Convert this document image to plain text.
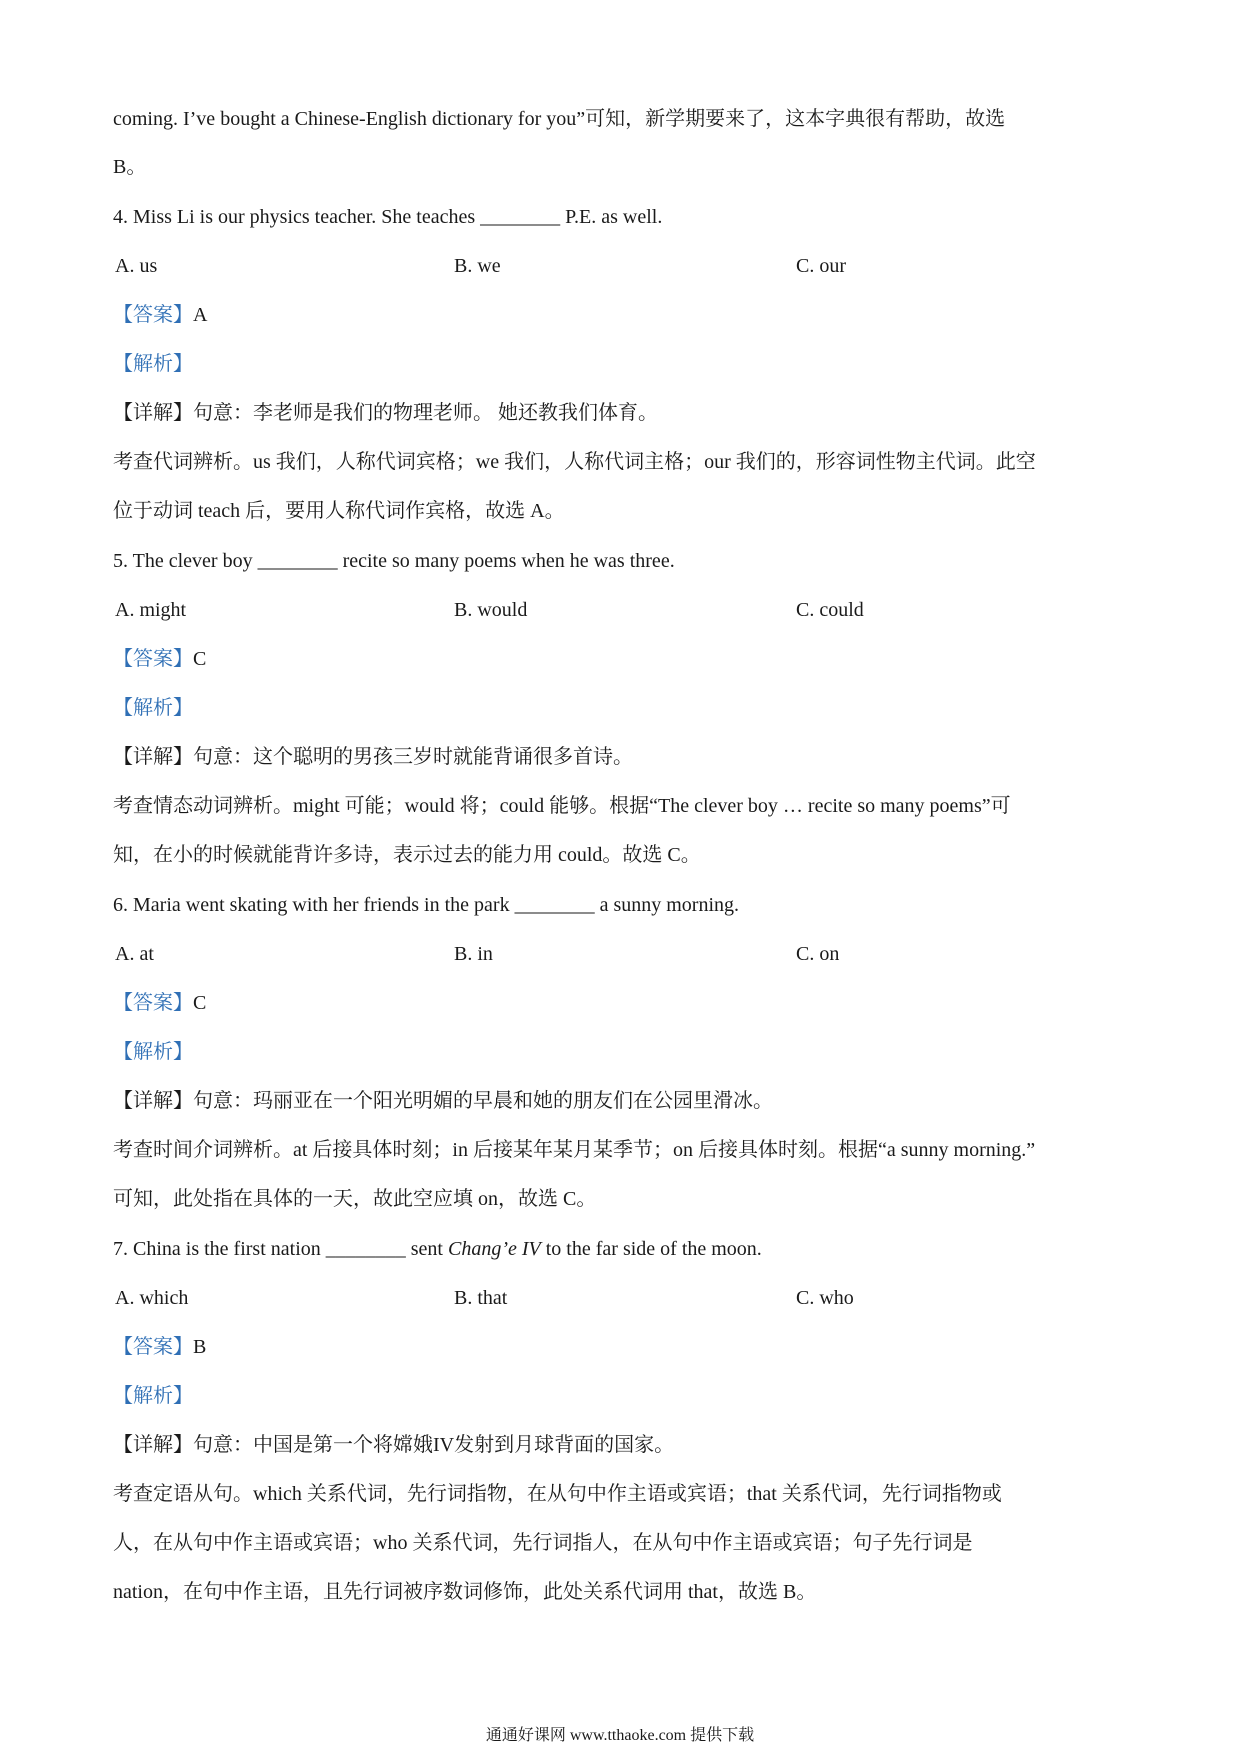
coming. I’ve bought a Chinese-English dictionary for you”可知，新学期要来了，这本字典很有帮助，故选
B。
4. Miss Li is our physics teacher. She teaches ________ P.E. as well.
A. us	B. we	C. our
【答案】A
【解析】
【详解】句意：李老师是我们的物理老师。 她还教我们体育。
考查代词辨析。us 我们，人称代词宾格；we 我们，人称代词主格；our 我们的，形容词性物主代词。此空
位于动词 teach 后，要用人称代词作宾格，故选 A。
5. The clever boy ________ recite so many poems when he was three.
A. might	B. would	C. could
【答案】C
【解析】
【详解】句意：这个聪明的男孩三岁时就能背诵很多首诗。
考查情态动词辨析。might 可能；would 将；could 能够。根据“The clever boy … recite so many poems”可
知，在小的时候就能背许多诗，表示过去的能力用 could。故选 C。
6. Maria went skating with her friends in the park ________ a sunny morning.
A. at	B. in	C. on
【答案】C
【解析】
【详解】句意：玛丽亚在一个阳光明媚的早晨和她的朋友们在公园里滑冰。
考查时间介词辨析。at 后接具体时刻；in 后接某年某月某季节；on 后接具体时刻。根据“a sunny morning.”
可知，此处指在具体的一天，故此空应填 on，故选 C。
7. China is the first nation ________ sent Chang’e IV to the far side of the moon.
A. which	B. that	C. who
【答案】B
【解析】
【详解】句意：中国是第一个将嫦娥IV发射到月球背面的国家。
考查定语从句。which 关系代词，先行词指物，在从句中作主语或宾语；that 关系代词，先行词指物或
人，在从句中作主语或宾语；who 关系代词，先行词指人，在从句中作主语或宾语；句子先行词是
nation，在句中作主语，且先行词被序数词修饰，此处关系代词用 that，故选 B。
通通好课网 www.tthaoke.com 提供下载
